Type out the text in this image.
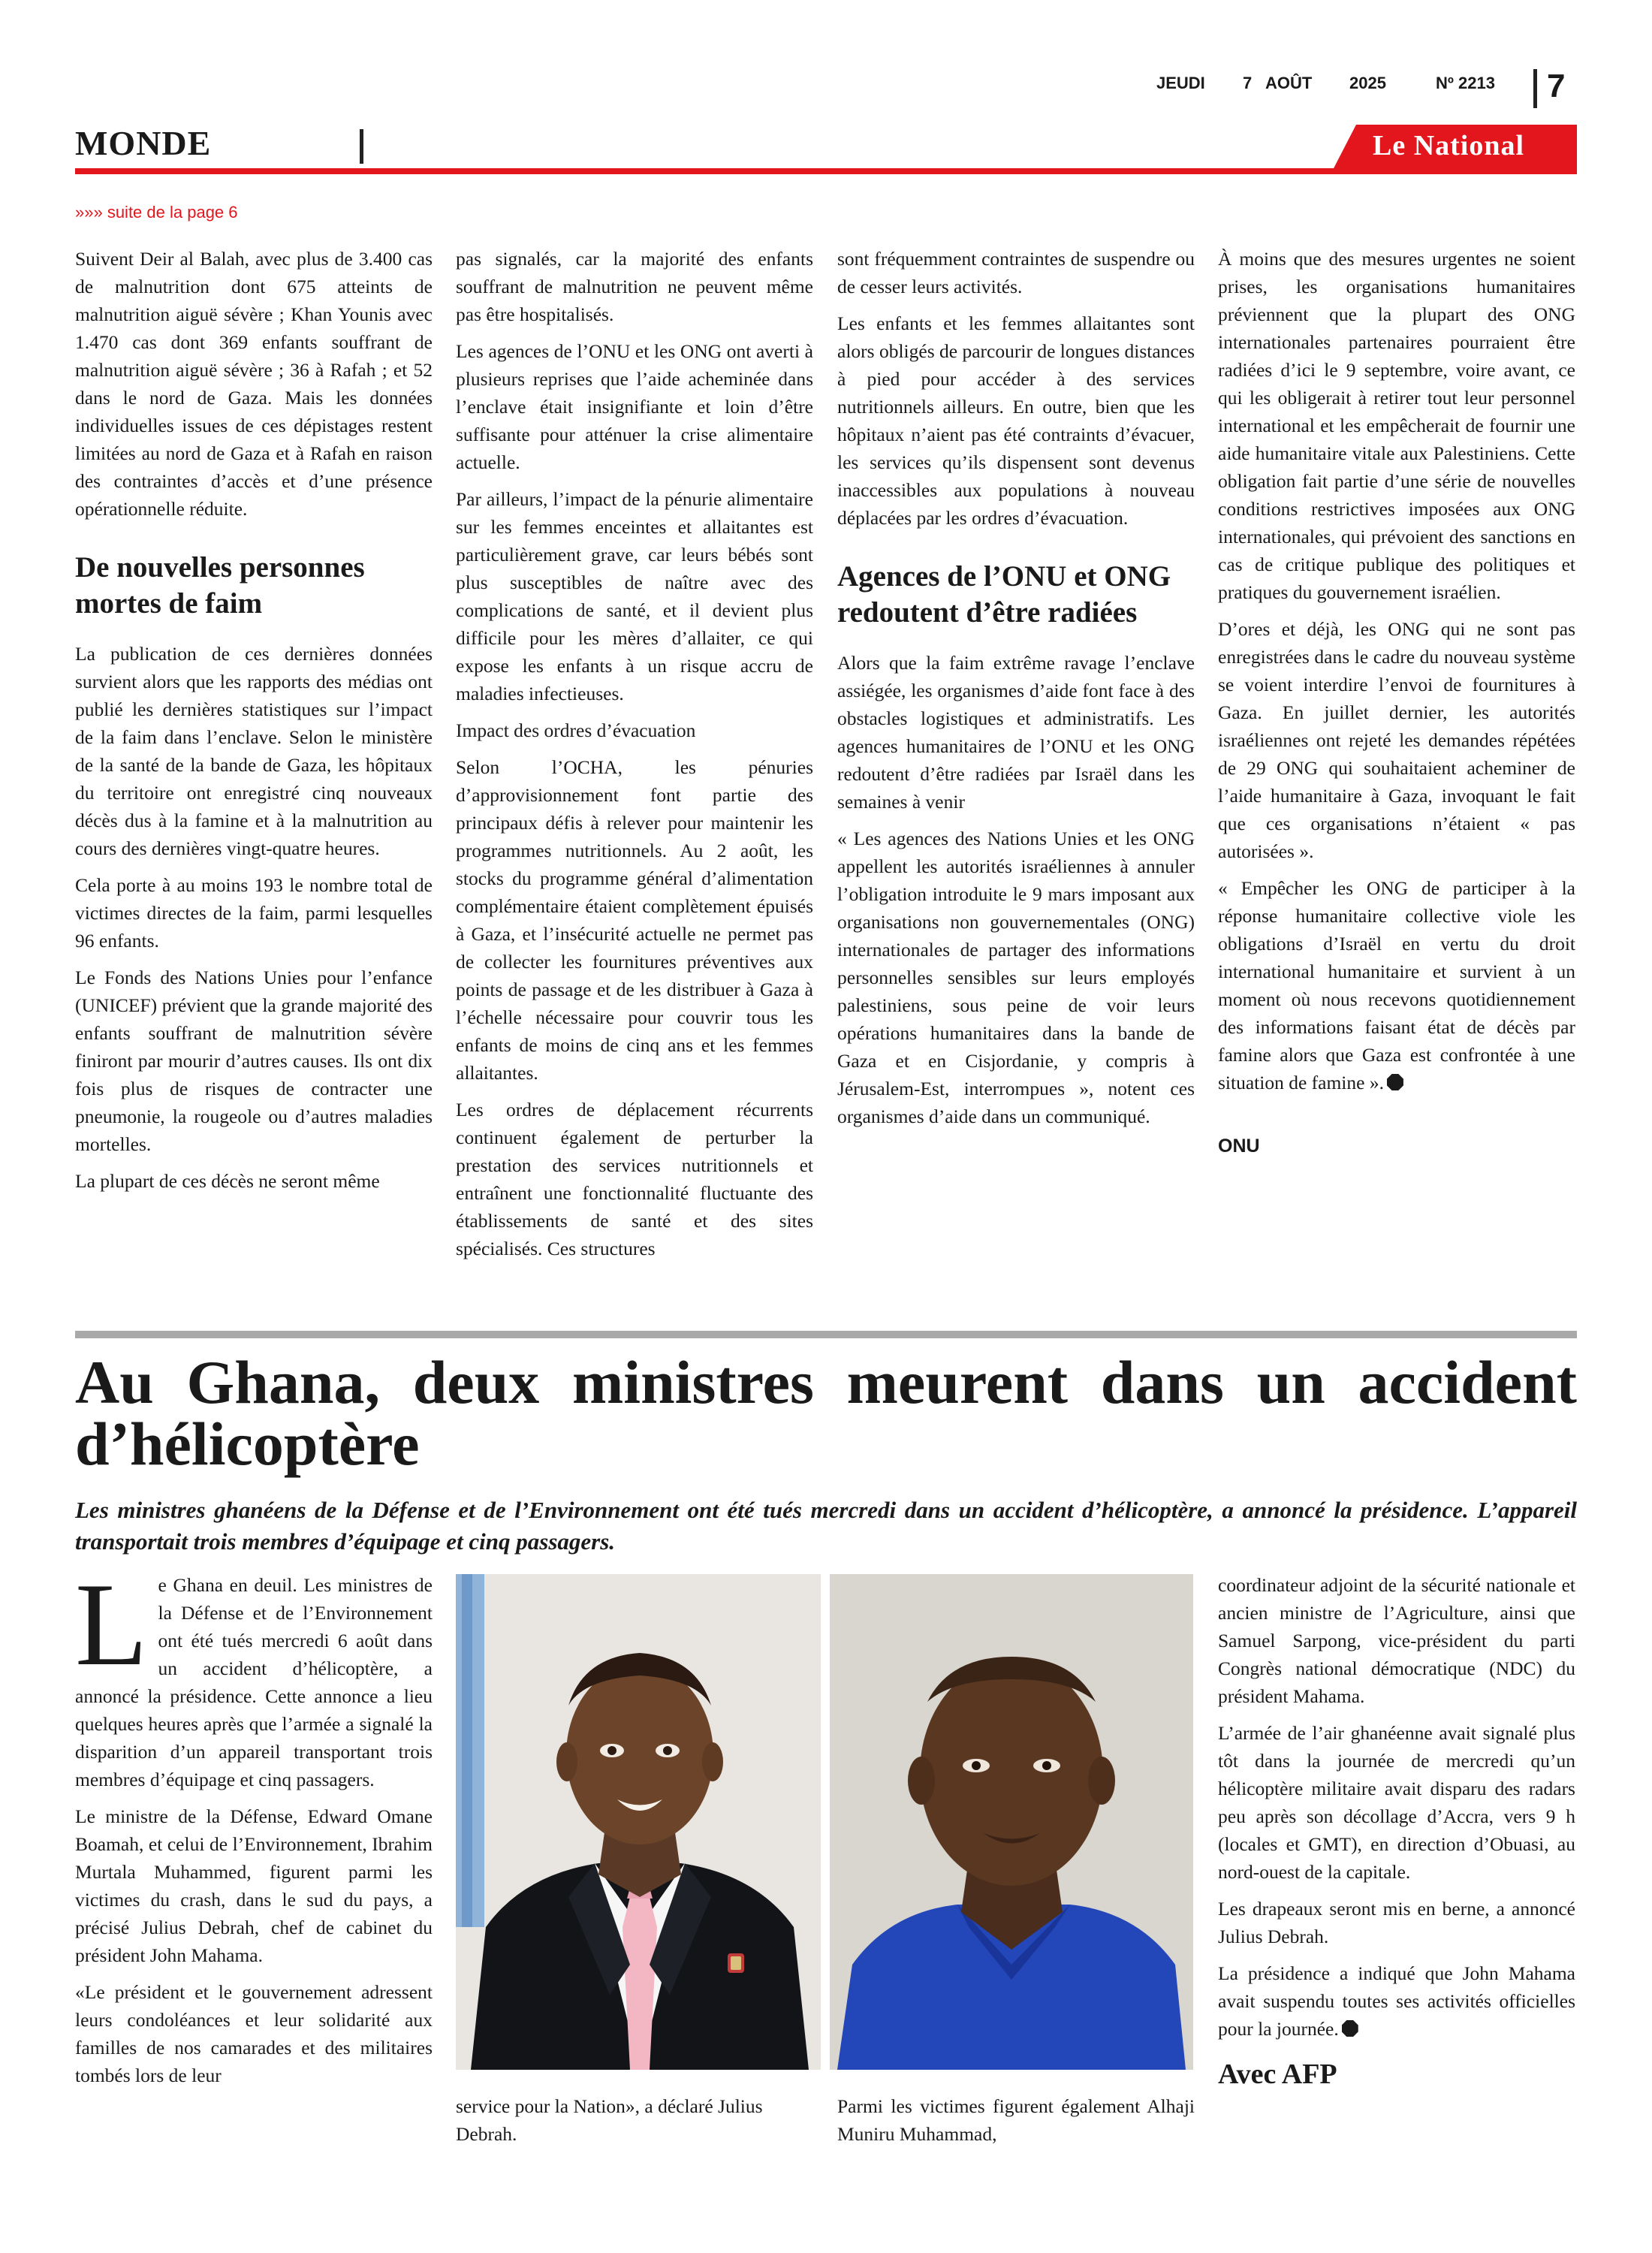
JEUDI 7 AOÛT 2025	Nº 2213 7
MONDE	Le National
»»» suite de la page 6

Suivent Deir al Balah, avec plus de 3.400 cas de malnutrition dont 675 atteints de malnutrition aiguë sévère ; Khan Younis avec 1.470 cas dont 369 enfants souffrant de malnutrition aiguë sévère ; 36 à Rafah ; et 52 dans le nord de Gaza. Mais les données individuelles issues de ces dépistages restent limitées au nord de Gaza et à Rafah en raison des contraintes d’accès et d’une présence opérationnelle réduite.

De nouvelles personnes mortes de faim

La publication de ces dernières données survient alors que les rapports des médias ont publié les dernières statistiques sur l’impact de la faim dans l’enclave. Selon le ministère de la santé de la bande de Gaza, les hôpitaux du territoire ont enregistré cinq nouveaux décès dus à la famine et à la malnutrition au cours des dernières vingt-quatre heures.

Cela porte à au moins 193 le nombre total de victimes directes de la faim, parmi lesquelles 96 enfants.

Le Fonds des Nations Unies pour l’enfance (UNICEF) prévient que la grande majorité des enfants souffrant de malnutrition sévère finiront par mourir d’autres causes. Ils ont dix fois plus de risques de contracter une pneumonie, la rougeole ou d’autres maladies mortelles.

La plupart de ces décès ne seront même

pas signalés, car la majorité des enfants souffrant de malnutrition ne peuvent même pas être hospitalisés.

Les agences de l’ONU et les ONG ont averti à plusieurs reprises que l’aide acheminée dans l’enclave était insignifiante et loin d’être suffisante pour atténuer la crise alimentaire actuelle.

Par ailleurs, l’impact de la pénurie alimentaire sur les femmes enceintes et allaitantes est particulièrement grave, car leurs bébés sont plus susceptibles de naître avec des complications de santé, et il devient plus difficile pour les mères d’allaiter, ce qui expose les enfants à un risque accru de maladies infectieuses.

Impact des ordres d’évacuation

Selon l’OCHA, les pénuries d’approvisionnement font partie des principaux défis à relever pour maintenir les programmes nutritionnels. Au 2 août, les stocks du programme général d’alimentation complémentaire étaient complètement épuisés à Gaza, et l’insécurité actuelle ne permet pas de collecter les fournitures préventives aux points de passage et de les distribuer à Gaza à l’échelle nécessaire pour couvrir tous les enfants de moins de cinq ans et les femmes allaitantes.

Les ordres de déplacement récurrents continuent également de perturber la prestation des services nutritionnels et entraînent une fonctionnalité fluctuante des établissements de santé et des sites spécialisés. Ces structures

sont fréquemment contraintes de suspendre ou de cesser leurs activités.

Les enfants et les femmes allaitantes sont alors obligés de parcourir de longues distances à pied pour accéder à des services nutritionnels ailleurs. En outre, bien que les hôpitaux n’aient pas été contraints d’évacuer, les services qu’ils dispensent sont devenus inaccessibles aux populations à nouveau déplacées par les ordres d’évacuation.

Agences de l’ONU et ONG redoutent d’être radiées

Alors que la faim extrême ravage l’enclave assiégée, les organismes d’aide font face à des obstacles logistiques et administratifs. Les agences humanitaires de l’ONU et les ONG redoutent d’être radiées par Israël dans les semaines à venir

« Les agences des Nations Unies et les ONG appellent les autorités israéliennes à annuler l’obligation introduite le 9 mars imposant aux organisations non gouvernementales (ONG) internationales de partager des informations personnelles sensibles sur leurs employés palestiniens, sous peine de voir leurs opérations humanitaires dans la bande de Gaza et en Cisjordanie, y compris à Jérusalem-Est, interrompues », notent ces organismes d’aide dans un communiqué.

À moins que des mesures urgentes ne soient prises, les organisations humanitaires préviennent que la plupart des ONG internationales partenaires pourraient être radiées d’ici le 9 septembre, voire avant, ce qui les obligerait à retirer tout leur personnel international et les empêcherait de fournir une aide humanitaire vitale aux Palestiniens. Cette obligation fait partie d’une série de nouvelles conditions restrictives imposées aux ONG internationales, qui prévoient des sanctions en cas de critique publique des politiques et pratiques du gouvernement israélien.

D’ores et déjà, les ONG qui ne sont pas enregistrées dans le cadre du nouveau système se voient interdire l’envoi de fournitures à Gaza. En juillet dernier, les autorités israéliennes ont rejeté les demandes répétées de 29 ONG qui souhaitaient acheminer de l’aide humanitaire à Gaza, invoquant le fait que ces organisations n’étaient « pas autorisées ».

« Empêcher les ONG de participer à la réponse humanitaire collective viole les obligations d’Israël en vertu du droit international humanitaire et survient à un moment où nous recevons quotidiennement des informations faisant état de décès par famine alors que Gaza est confrontée à une situation de famine ».

ONU

Au Ghana, deux ministres meurent dans un accident d’hélicoptère
Les ministres ghanéens de la Défense et de l’Environnement ont été tués mercredi dans un accident d’hélicoptère, a annoncé la présidence. L’appareil transportait trois membres d’équipage et cinq passagers.

Le Ghana en deuil. Les ministres de la Défense et de l’Environnement ont été tués mercredi 6 août dans un accident d’hélicoptère, a annoncé la présidence. Cette annonce a lieu quelques heures après que l’armée a signalé la disparition d’un appareil transportant trois membres d’équipage et cinq passagers.

Le ministre de la Défense, Edward Omane Boamah, et celui de l’Environnement, Ibrahim Murtala Muhammed, figurent parmi les victimes du crash, dans le sud du pays, a précisé Julius Debrah, chef de cabinet du président John Mahama.

«Le président et le gouvernement adressent leurs condoléances et leur solidarité aux familles de nos camarades et des militaires tombés lors de leur

service pour la Nation», a déclaré Julius Debrah.

Parmi les victimes figurent également Alhaji Muniru Muhammad,

coordinateur adjoint de la sécurité nationale et ancien ministre de l’Agriculture, ainsi que Samuel Sarpong, vice-président du parti Congrès national démocratique (NDC) du président Mahama.

L’armée de l’air ghanéenne avait signalé plus tôt dans la journée de mercredi qu’un hélicoptère militaire avait disparu des radars peu après son décollage d’Accra, vers 9 h (locales et GMT), en direction d’Obuasi, au nord-ouest de la capitale.

Les drapeaux seront mis en berne, a annoncé Julius Debrah.

La présidence a indiqué que John Mahama avait suspendu toutes ses activités officielles pour la journée.

Avec AFP
